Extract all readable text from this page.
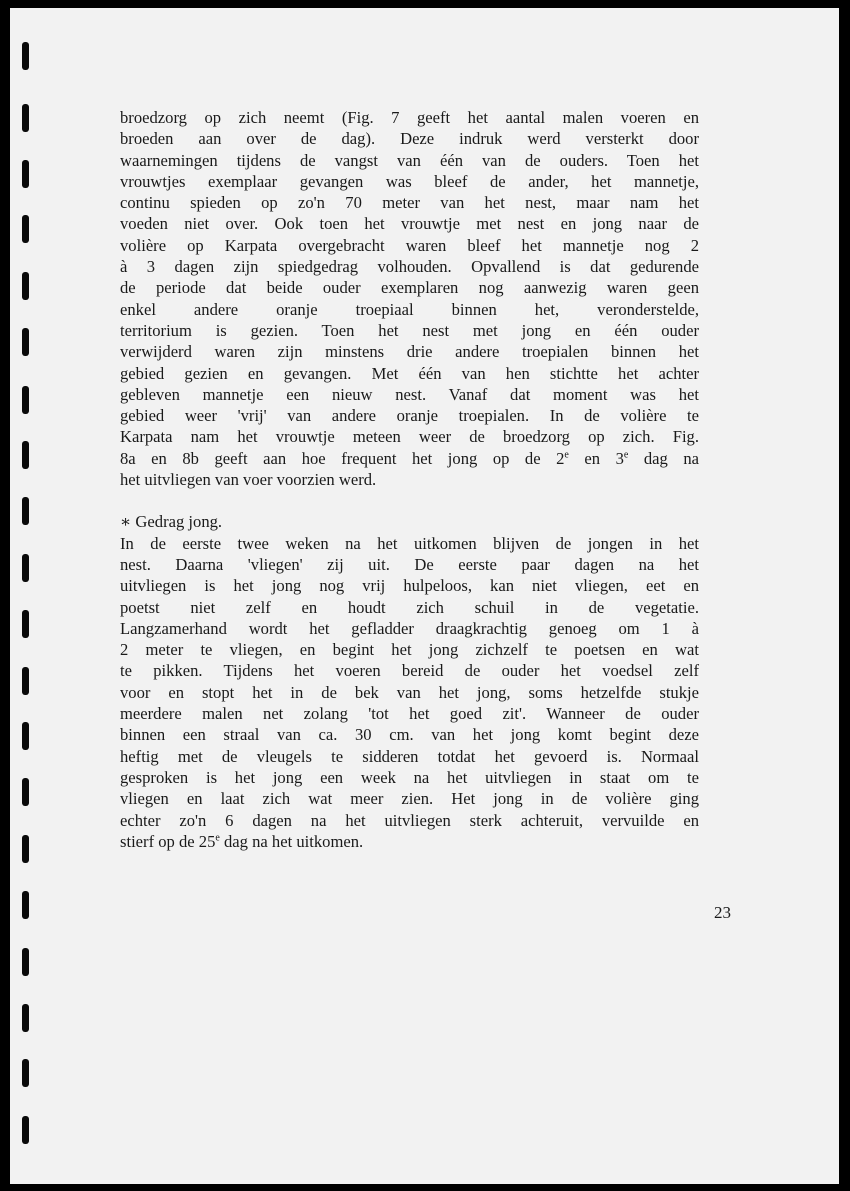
broedzorg op zich neemt (Fig. 7 geeft het aantal malen voeren en
broeden aan over de dag). Deze indruk werd versterkt door
waarnemingen tijdens de vangst van één van de ouders. Toen het
vrouwtjes exemplaar gevangen was bleef de ander, het mannetje,
continu spieden op zo'n 70 meter van het nest, maar nam het
voeden niet over. Ook toen het vrouwtje met nest en jong naar de
volière op Karpata overgebracht waren bleef het mannetje nog 2
à 3 dagen zijn spiedgedrag volhouden. Opvallend is dat gedurende
de periode dat beide ouder exemplaren nog aanwezig waren geen
enkel andere oranje troepiaal binnen het, veronderstelde,
territorium is gezien. Toen het nest met jong en één ouder
verwijderd waren zijn minstens drie andere troepialen binnen het
gebied gezien en gevangen. Met één van hen stichtte het achter
gebleven mannetje een nieuw nest. Vanaf dat moment was het
gebied weer 'vrij' van andere oranje troepialen. In de volière te
Karpata nam het vrouwtje meteen weer de broedzorg op zich. Fig.
8a en 8b geeft aan hoe frequent het jong op de 2e en 3e dag na
het uitvliegen van voer voorzien werd.

∗ Gedrag jong.
In de eerste twee weken na het uitkomen blijven de jongen in het
nest. Daarna 'vliegen' zij uit. De eerste paar dagen na het
uitvliegen is het jong nog vrij hulpeloos, kan niet vliegen, eet en
poetst niet zelf en houdt zich schuil in de vegetatie.
Langzamerhand wordt het gefladder draagkrachtig genoeg om 1 à
2 meter te vliegen, en begint het jong zichzelf te poetsen en wat
te pikken. Tijdens het voeren bereid de ouder het voedsel zelf
voor en stopt het in de bek van het jong, soms hetzelfde stukje
meerdere malen net zolang 'tot het goed zit'. Wanneer de ouder
binnen een straal van ca. 30 cm. van het jong komt begint deze
heftig met de vleugels te sidderen totdat het gevoerd is. Normaal
gesproken is het jong een week na het uitvliegen in staat om te
vliegen en laat zich wat meer zien. Het jong in de volière ging
echter zo'n 6 dagen na het uitvliegen sterk achteruit, vervuilde en
stierf op de 25e dag na het uitkomen.

23
